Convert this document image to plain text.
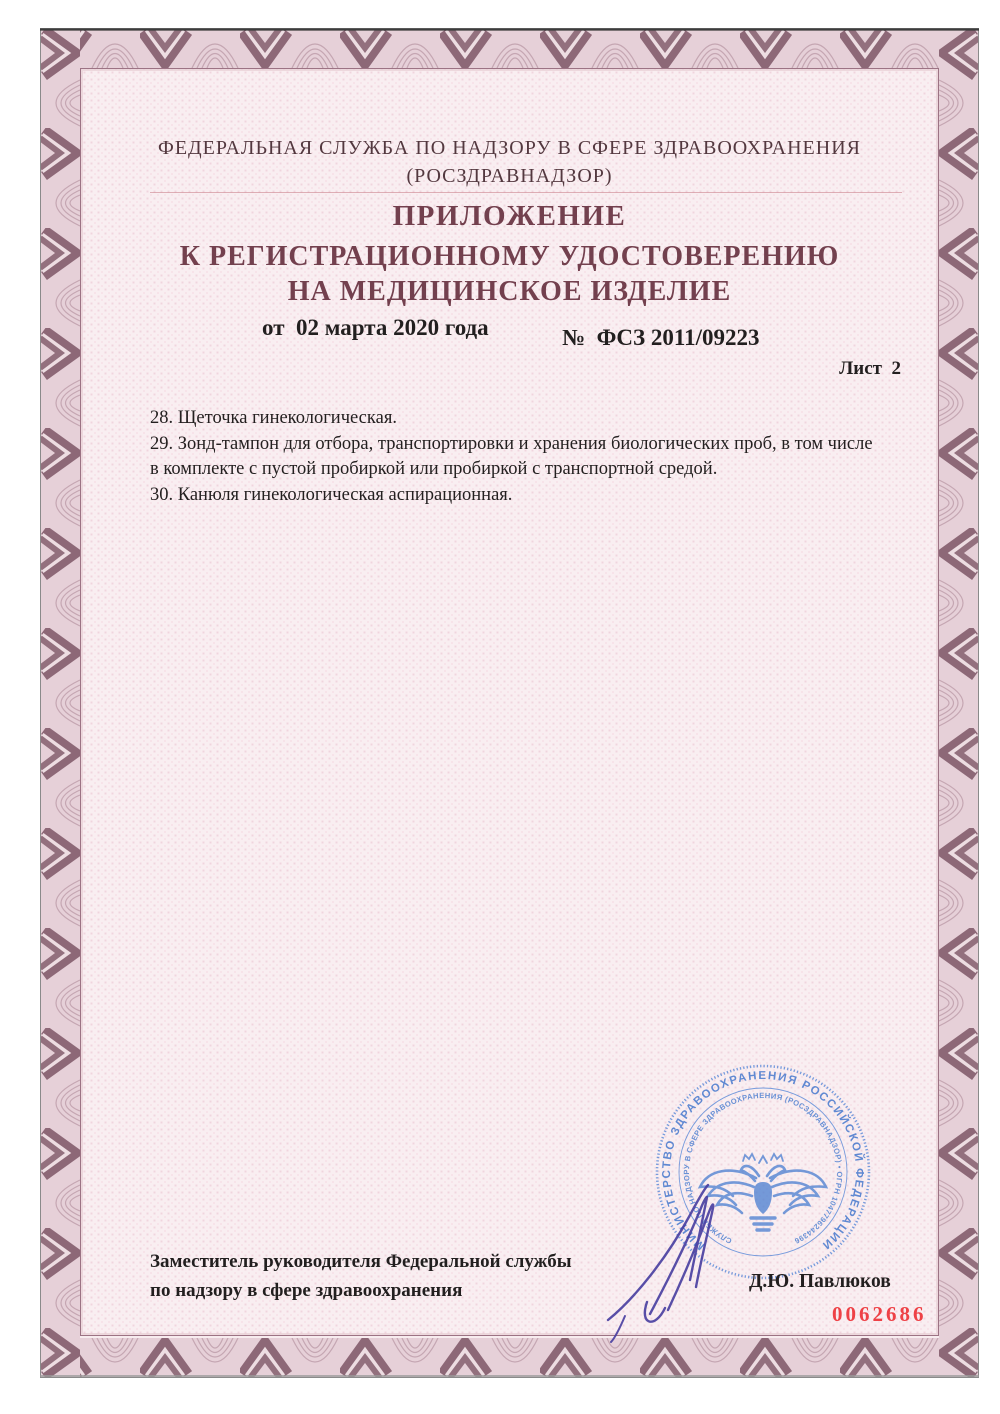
ФЕДЕРАЛЬНАЯ СЛУЖБА ПО НАДЗОРУ В СФЕРЕ ЗДРАВООХРАНЕНИЯ
(РОСЗДРАВНАДЗОР)
ПРИЛОЖЕНИЕ
К РЕГИСТРАЦИОННОМУ УДОСТОВЕРЕНИЮ
НА МЕДИЦИНСКОЕ ИЗДЕЛИЕ
от  02 марта 2020 года	№  ФСЗ 2011/09223
Лист  2
28. Щеточка гинекологическая.
29. Зонд-тампон для отбора, транспортировки и хранения биологических проб, в том числе в комплекте с пустой пробиркой или пробиркой с транспортной средой.
30. Канюля гинекологическая аспирационная.
МИНИСТЕРСТВО ЗДРАВООХРАНЕНИЯ РОССИЙСКОЙ ФЕДЕРАЦИИ
СЛУЖБА ПО НАДЗОРУ В СФЕРЕ ЗДРАВООХРАНЕНИЯ (РОСЗДРАВНАДЗОР) • ОГРН 1047796244396
Заместитель руководителя Федеральной службы
по надзору в сфере здравоохранения	Д.Ю. Павлюков
0062686
